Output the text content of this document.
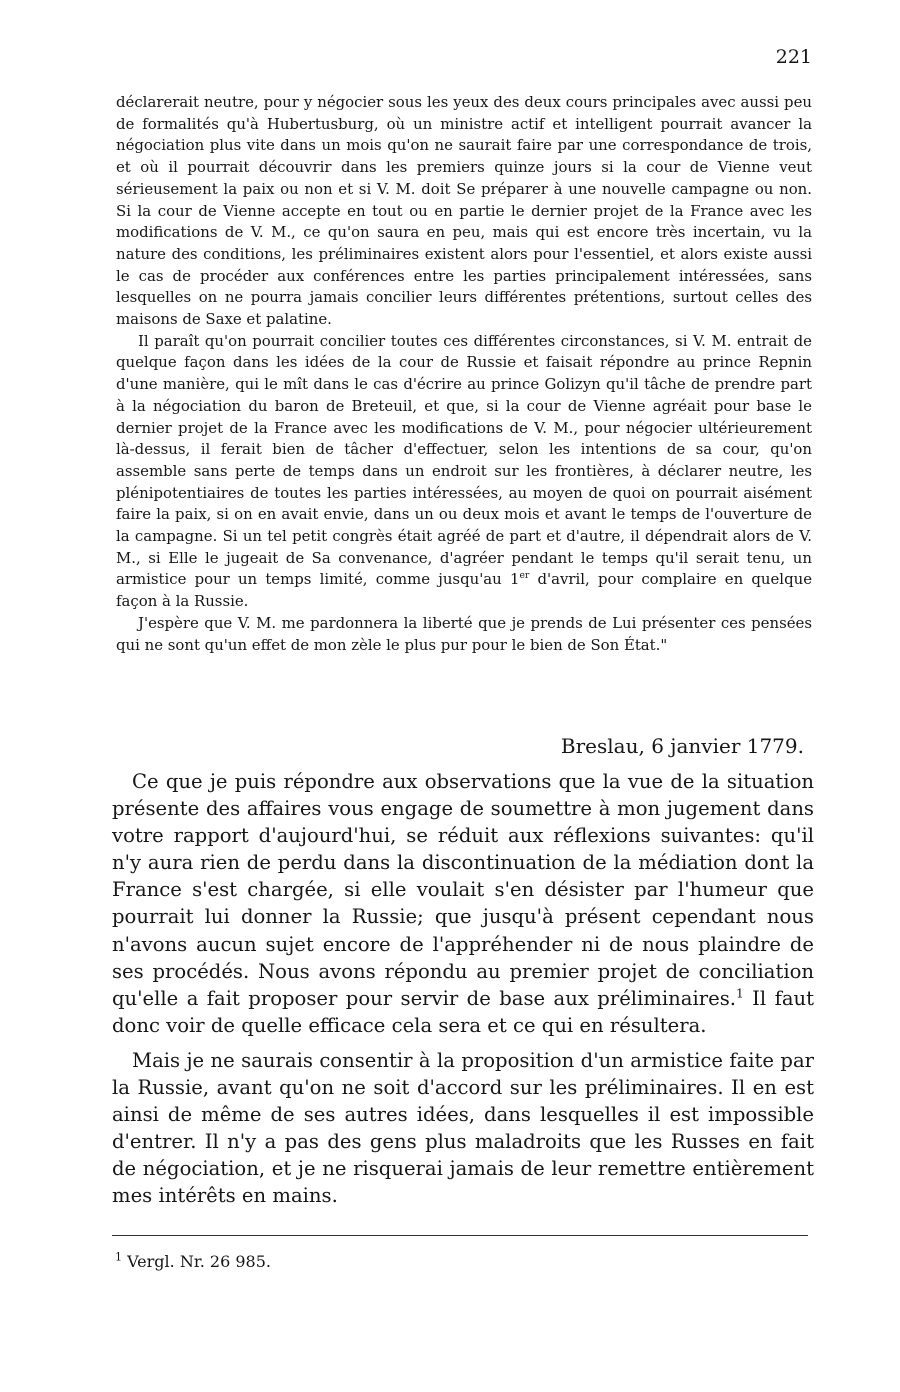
221

déclarerait neutre, pour y négocier sous les yeux des deux cours principales avec aussi peu de formalités qu'à Hubertusburg, où un ministre actif et intelligent pourrait avancer la négociation plus vite dans un mois qu'on ne saurait faire par une correspondance de trois, et où il pourrait découvrir dans les premiers quinze jours si la cour de Vienne veut sérieusement la paix ou non et si V. M. doit Se préparer à une nouvelle campagne ou non. Si la cour de Vienne accepte en tout ou en partie le dernier projet de la France avec les modifications de V. M., ce qu'on saura en peu, mais qui est encore très incertain, vu la nature des conditions, les préliminaires existent alors pour l'essentiel, et alors existe aussi le cas de procéder aux conférences entre les parties principalement intéressées, sans lesquelles on ne pourra jamais concilier leurs différentes prétentions, surtout celles des maisons de Saxe et palatine.

Il paraît qu'on pourrait concilier toutes ces différentes circonstances, si V. M. entrait de quelque façon dans les idées de la cour de Russie et faisait répondre au prince Repnin d'une manière, qui le mît dans le cas d'écrire au prince Golizyn qu'il tâche de prendre part à la négociation du baron de Breteuil, et que, si la cour de Vienne agréait pour base le dernier projet de la France avec les modifications de V. M., pour négocier ultérieurement là-dessus, il ferait bien de tâcher d'effectuer, selon les intentions de sa cour, qu'on assemble sans perte de temps dans un endroit sur les frontières, à déclarer neutre, les plénipotentiaires de toutes les parties intéressées, au moyen de quoi on pourrait aisément faire la paix, si on en avait envie, dans un ou deux mois et avant le temps de l'ouverture de la campagne. Si un tel petit congrès était agréé de part et d'autre, il dépendrait alors de V. M., si Elle le jugeait de Sa convenance, d'agréer pendant le temps qu'il serait tenu, un armistice pour un temps limité, comme jusqu'au 1er d'avril, pour complaire en quelque façon à la Russie.

J'espère que V. M. me pardonnera la liberté que je prends de Lui présenter ces pensées qui ne sont qu'un effet de mon zèle le plus pur pour le bien de Son État."

Breslau, 6 janvier 1779.

Ce que je puis répondre aux observations que la vue de la situation présente des affaires vous engage de soumettre à mon jugement dans votre rapport d'aujourd'hui, se réduit aux réflexions suivantes: qu'il n'y aura rien de perdu dans la discontinuation de la médiation dont la France s'est chargée, si elle voulait s'en désister par l'humeur que pourrait lui donner la Russie; que jusqu'à présent cependant nous n'avons aucun sujet encore de l'appréhender ni de nous plaindre de ses procédés. Nous avons répondu au premier projet de conciliation qu'elle a fait proposer pour servir de base aux préliminaires.$^1$ Il faut donc voir de quelle efficace cela sera et ce qui en résultera.

Mais je ne saurais consentir à la proposition d'un armistice faite par la Russie, avant qu'on ne soit d'accord sur les préliminaires. Il en est ainsi de même de ses autres idées, dans lesquelles il est impossible d'entrer. Il n'y a pas des gens plus maladroits que les Russes en fait de négociation, et je ne risquerai jamais de leur remettre entièrement mes intérêts en mains.

$^1$ Vergl. Nr. 26 985.
